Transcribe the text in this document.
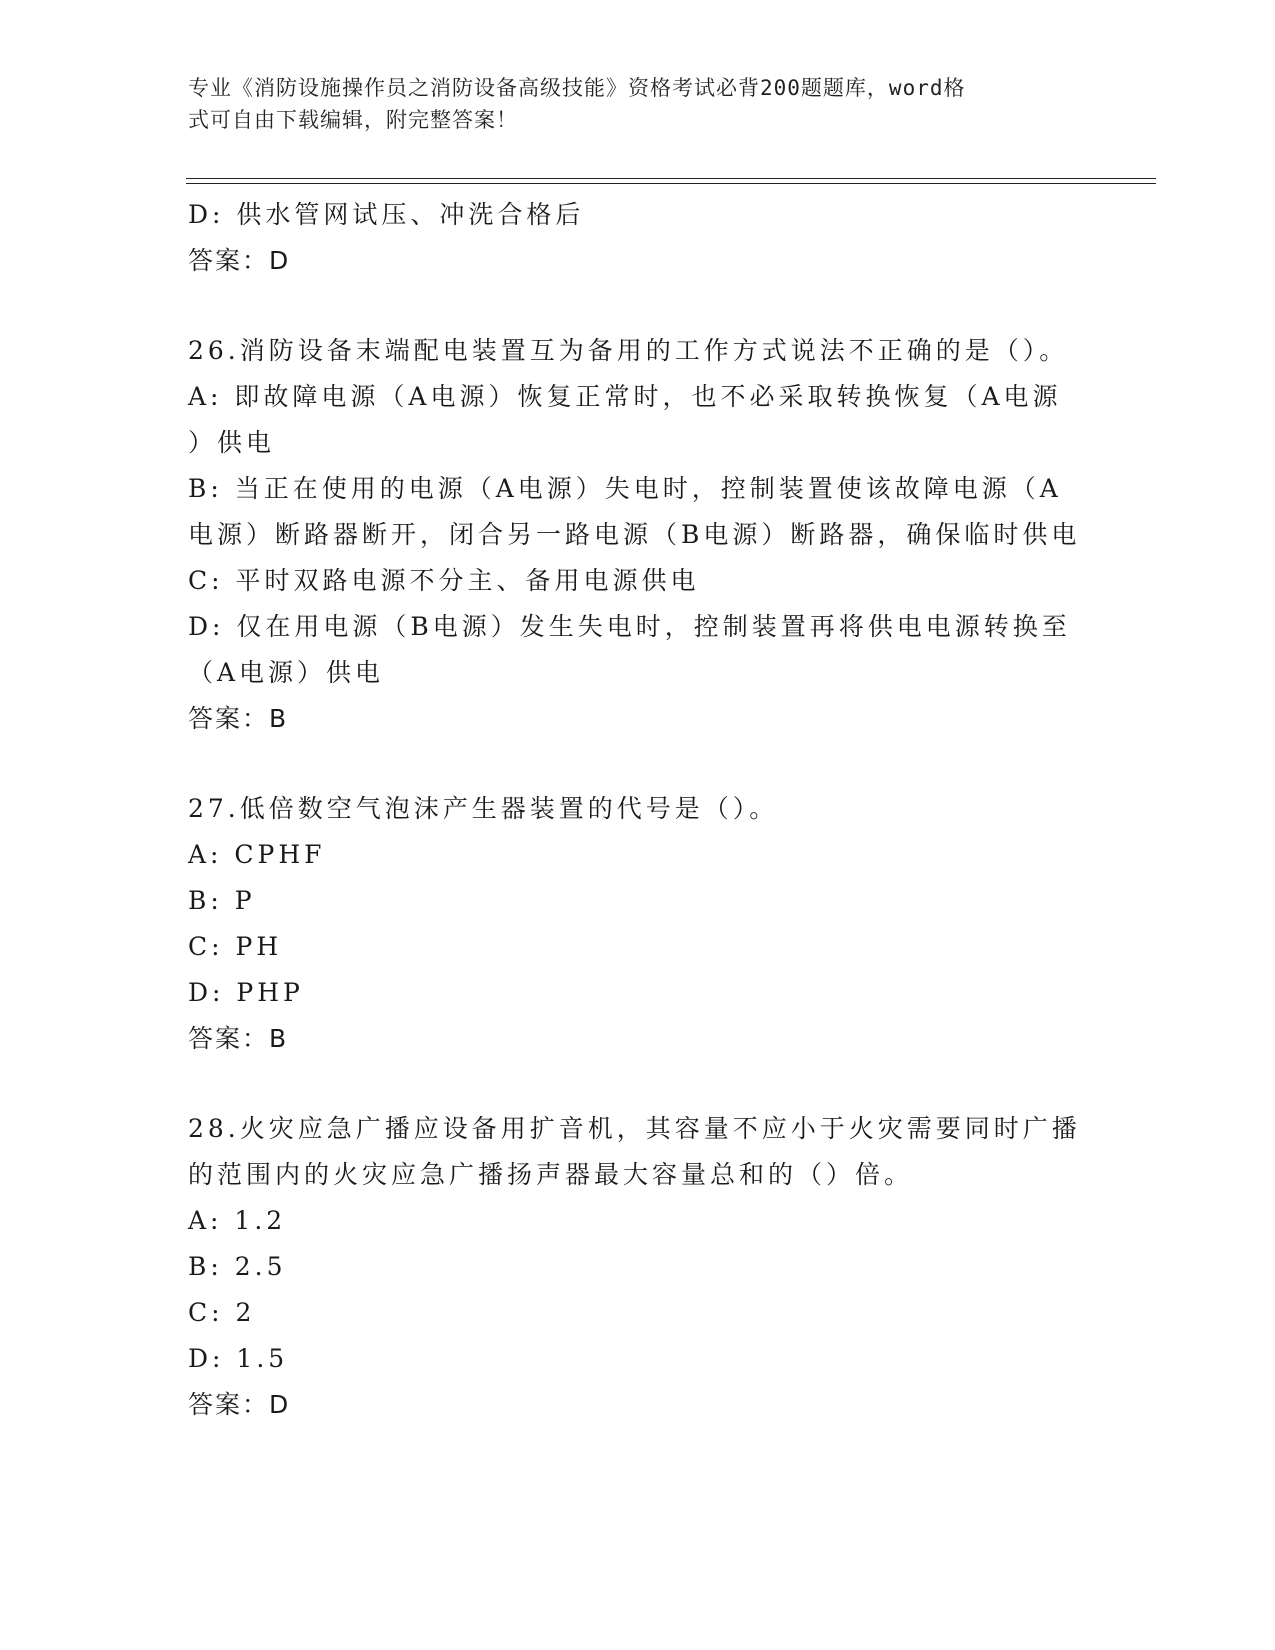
专业《消防设施操作员之消防设备高级技能》资格考试必背200题题库，word格
式可自由下载编辑，附完整答案！
D: 供水管网试压、冲洗合格后
答案：D
26.消防设备末端配电装置互为备用的工作方式说法不正确的是（）。
A: 即故障电源（A电源）恢复正常时，也不必采取转换恢复（A电源
）供电
B: 当正在使用的电源（A电源）失电时，控制装置使该故障电源（A
电源）断路器断开，闭合另一路电源（B电源）断路器，确保临时供电
C: 平时双路电源不分主、备用电源供电
D: 仅在用电源（B电源）发生失电时，控制装置再将供电电源转换至
（A电源）供电
答案：B
27.低倍数空气泡沫产生器装置的代号是（）。
A: CPHF
B: P
C: PH
D: PHP
答案：B
28.火灾应急广播应设备用扩音机，其容量不应小于火灾需要同时广播
的范围内的火灾应急广播扬声器最大容量总和的（）倍。
A: 1.2
B: 2.5
C: 2
D: 1.5
答案：D
